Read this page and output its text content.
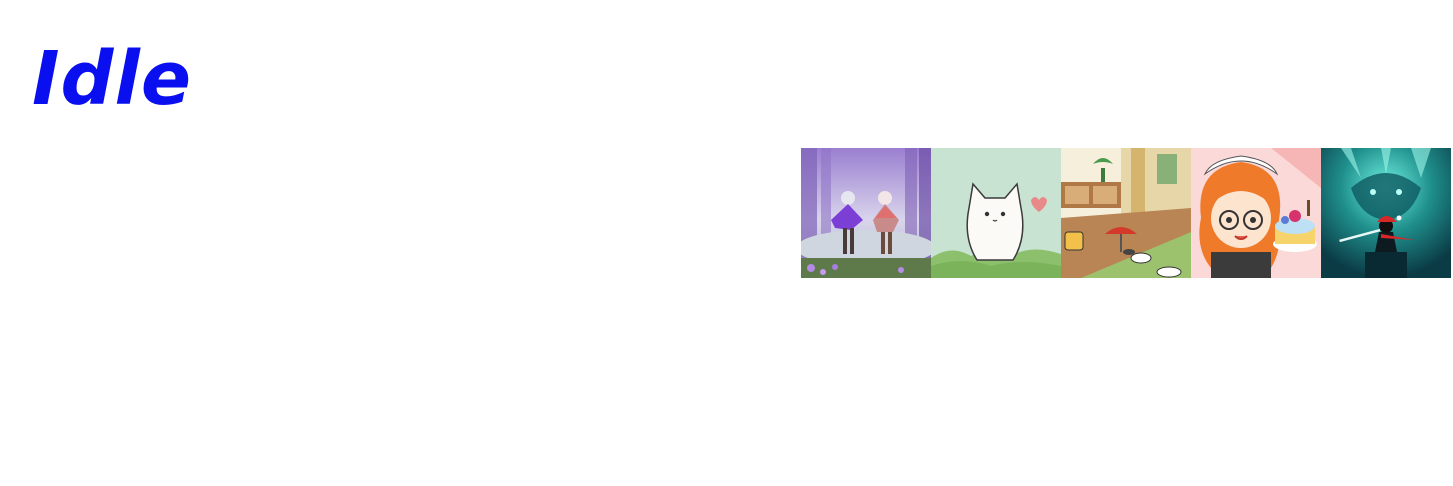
Idle
